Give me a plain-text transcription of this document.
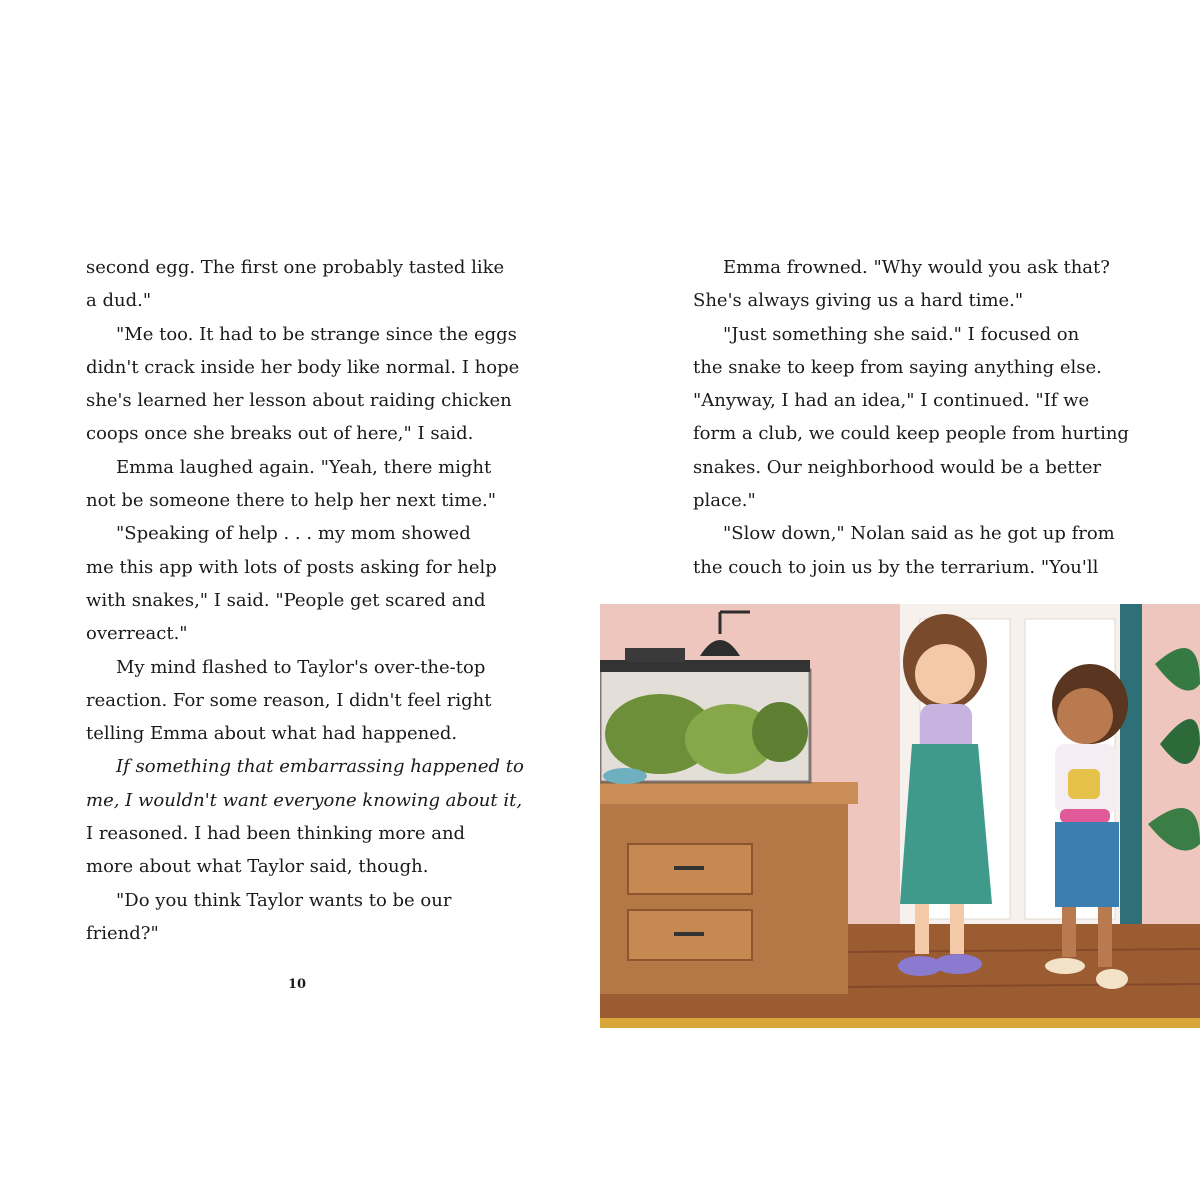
second egg. The first one probably tasted like
a dud."
"Me too. It had to be strange since the eggs
didn't crack inside her body like normal. I hope
she's learned her lesson about raiding chicken
coops once she breaks out of here," I said.
Emma laughed again. "Yeah, there might
not be someone there to help her next time."
"Speaking of help . . . my mom showed
me this app with lots of posts asking for help
with snakes," I said. "People get scared and
overreact."
My mind flashed to Taylor's over-the-top
reaction. For some reason, I didn't feel right
telling Emma about what had happened.
If something that embarrassing happened to
me, I wouldn't want everyone knowing about it,
I reasoned. I had been thinking more and
more about what Taylor said, though.
"Do you think Taylor wants to be our
friend?"
10
Emma frowned. "Why would you ask that?
She's always giving us a hard time."
"Just something she said." I focused on
the snake to keep from saying anything else.
"Anyway, I had an idea," I continued. "If we
form a club, we could keep people from hurting
snakes. Our neighborhood would be a better
place."
"Slow down," Nolan said as he got up from
the couch to join us by the terrarium. "You'll
